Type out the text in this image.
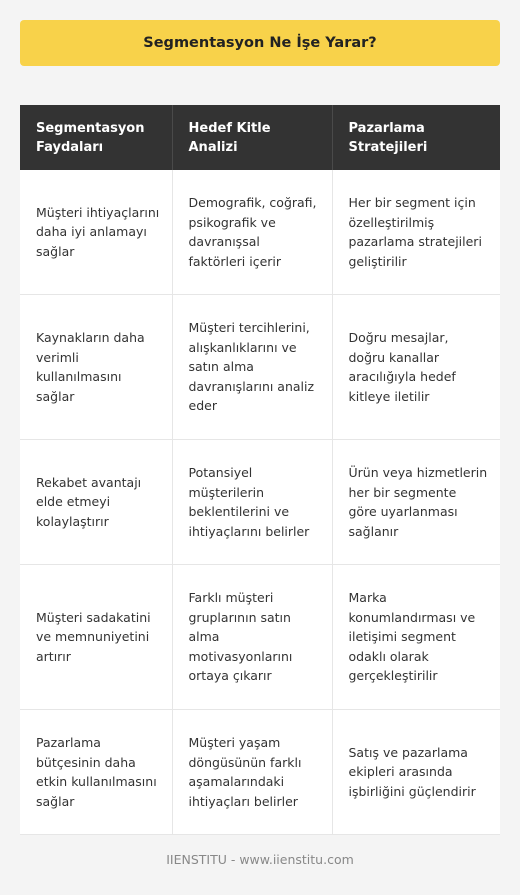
Segmentasyon Ne İşe Yarar?
Segmentasyon Faydaları	Hedef Kitle Analizi	Pazarlama Stratejileri
Müşteri ihtiyaçlarını daha iyi anlamayı sağlar	Demografik, coğrafi, psikografik ve davranışsal faktörleri içerir	Her bir segment için özelleştirilmiş pazarlama stratejileri geliştirilir
Kaynakların daha verimli kullanılmasını sağlar	Müşteri tercihlerini, alışkanlıklarını ve satın alma davranışlarını analiz eder	Doğru mesajlar, doğru kanallar aracılığıyla hedef kitleye iletilir
Rekabet avantajı elde etmeyi kolaylaştırır	Potansiyel müşterilerin beklentilerini ve ihtiyaçlarını belirler	Ürün veya hizmetlerin her bir segmente göre uyarlanması sağlanır
Müşteri sadakatini ve memnuniyetini artırır	Farklı müşteri gruplarının satın alma motivasyonlarını ortaya çıkarır	Marka konumlandırması ve iletişimi segment odaklı olarak gerçekleştirilir
Pazarlama bütçesinin daha etkin kullanılmasını sağlar	Müşteri yaşam döngüsünün farklı aşamalarındaki ihtiyaçları belirler	Satış ve pazarlama ekipleri arasında işbirliğini güçlendirir
IIENSTITU - www.iienstitu.com
